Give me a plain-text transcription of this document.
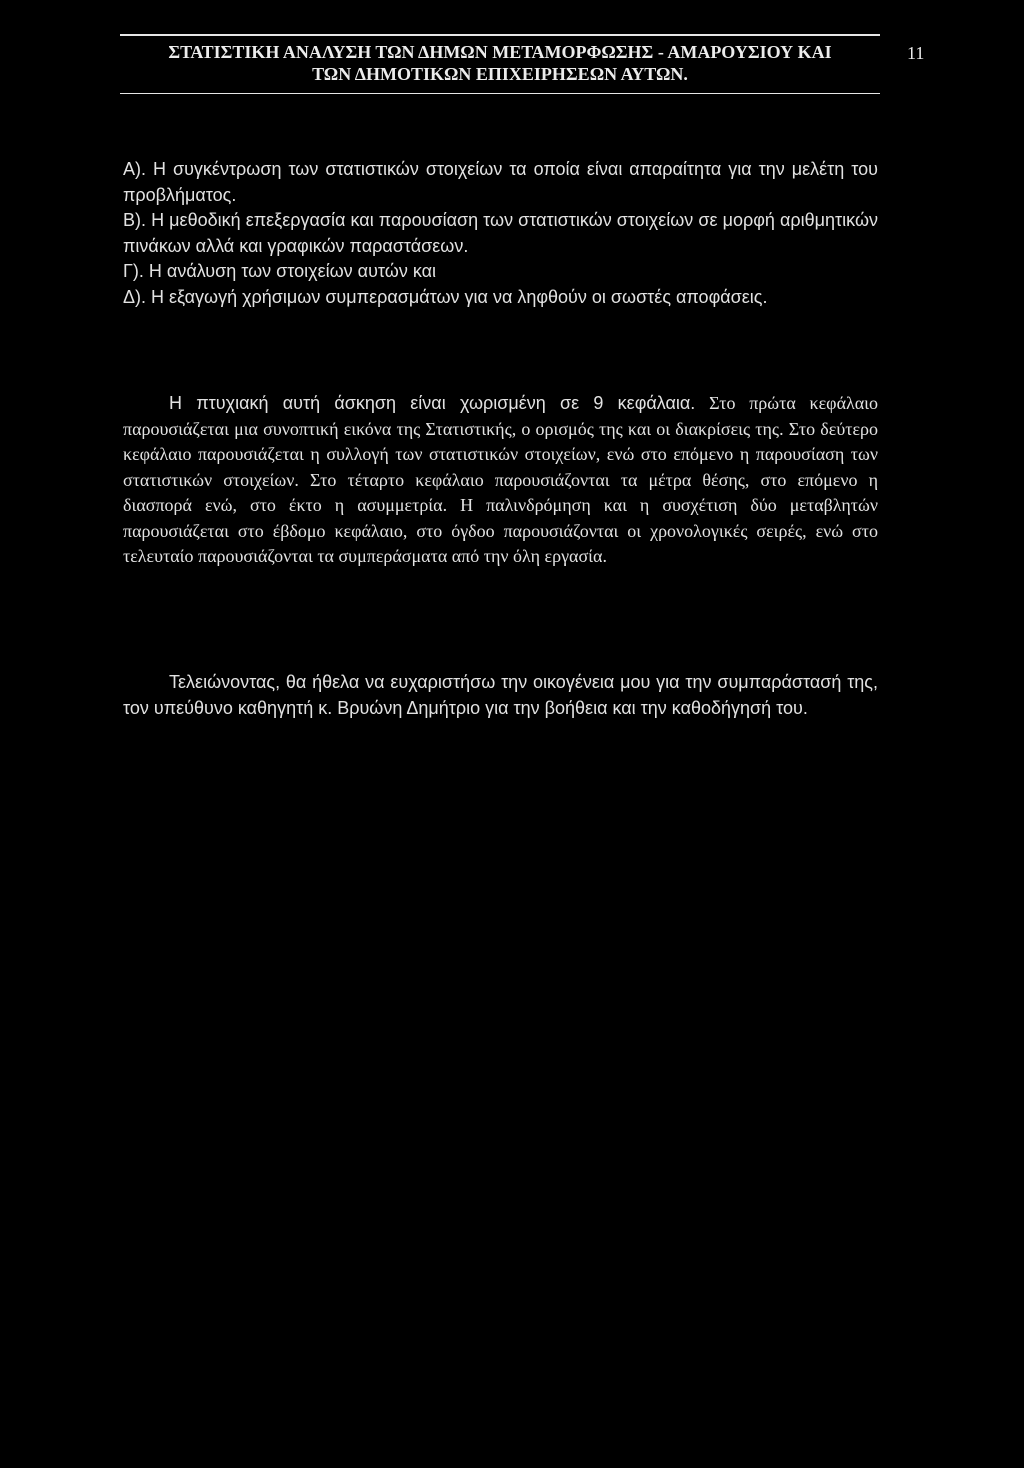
ΣΤΑΤΙΣΤΙΚΗ ΑΝΑΛΥΣΗ ΤΩΝ ΔΗΜΩΝ ΜΕΤΑΜΟΡΦΩΣΗΣ - ΑΜΑΡΟΥΣΙΟΥ ΚΑΙ
ΤΩΝ ΔΗΜΟΤΙΚΩΝ ΕΠΙΧΕΙΡΗΣΕΩΝ ΑΥΤΩΝ.
11

Α). Η συγκέντρωση των στατιστικών στοιχείων τα οποία είναι απαραίτητα για την μελέτη του προβλήματος.

Β). Η μεθοδική επεξεργασία και παρουσίαση των στατιστικών στοιχείων σε μορφή αριθμητικών πινάκων αλλά και γραφικών παραστάσεων.

Γ). Η ανάλυση των στοιχείων αυτών και

Δ). Η εξαγωγή χρήσιμων συμπερασμάτων για να ληφθούν οι σωστές αποφάσεις.

Η πτυχιακή αυτή άσκηση είναι χωρισμένη σε 9 κεφάλαια. Στο πρώτα κεφάλαιο παρουσιάζεται μια συνοπτική εικόνα της Στατιστικής, ο ορισμός της και οι διακρίσεις της. Στο δεύτερο κεφάλαιο παρουσιάζεται η συλλογή των στατιστικών στοιχείων, ενώ στο επόμενο η παρουσίαση των στατιστικών στοιχείων. Στο τέταρτο κεφάλαιο παρουσιάζονται τα μέτρα θέσης, στο επόμενο η διασπορά ενώ, στο έκτο η ασυμμετρία. Η παλινδρόμηση και η συσχέτιση δύο μεταβλητών παρουσιάζεται στο έβδομο κεφάλαιο, στο όγδοο παρουσιάζονται οι χρονολογικές σειρές, ενώ στο τελευταίο παρουσιάζονται τα συμπεράσματα από την όλη εργασία.

Τελειώνοντας, θα ήθελα να ευχαριστήσω την οικογένεια μου για την συμπαράστασή της, τον υπεύθυνο καθηγητή κ. Βρυώνη Δημήτριο για την βοήθεια και την καθοδήγησή του.
